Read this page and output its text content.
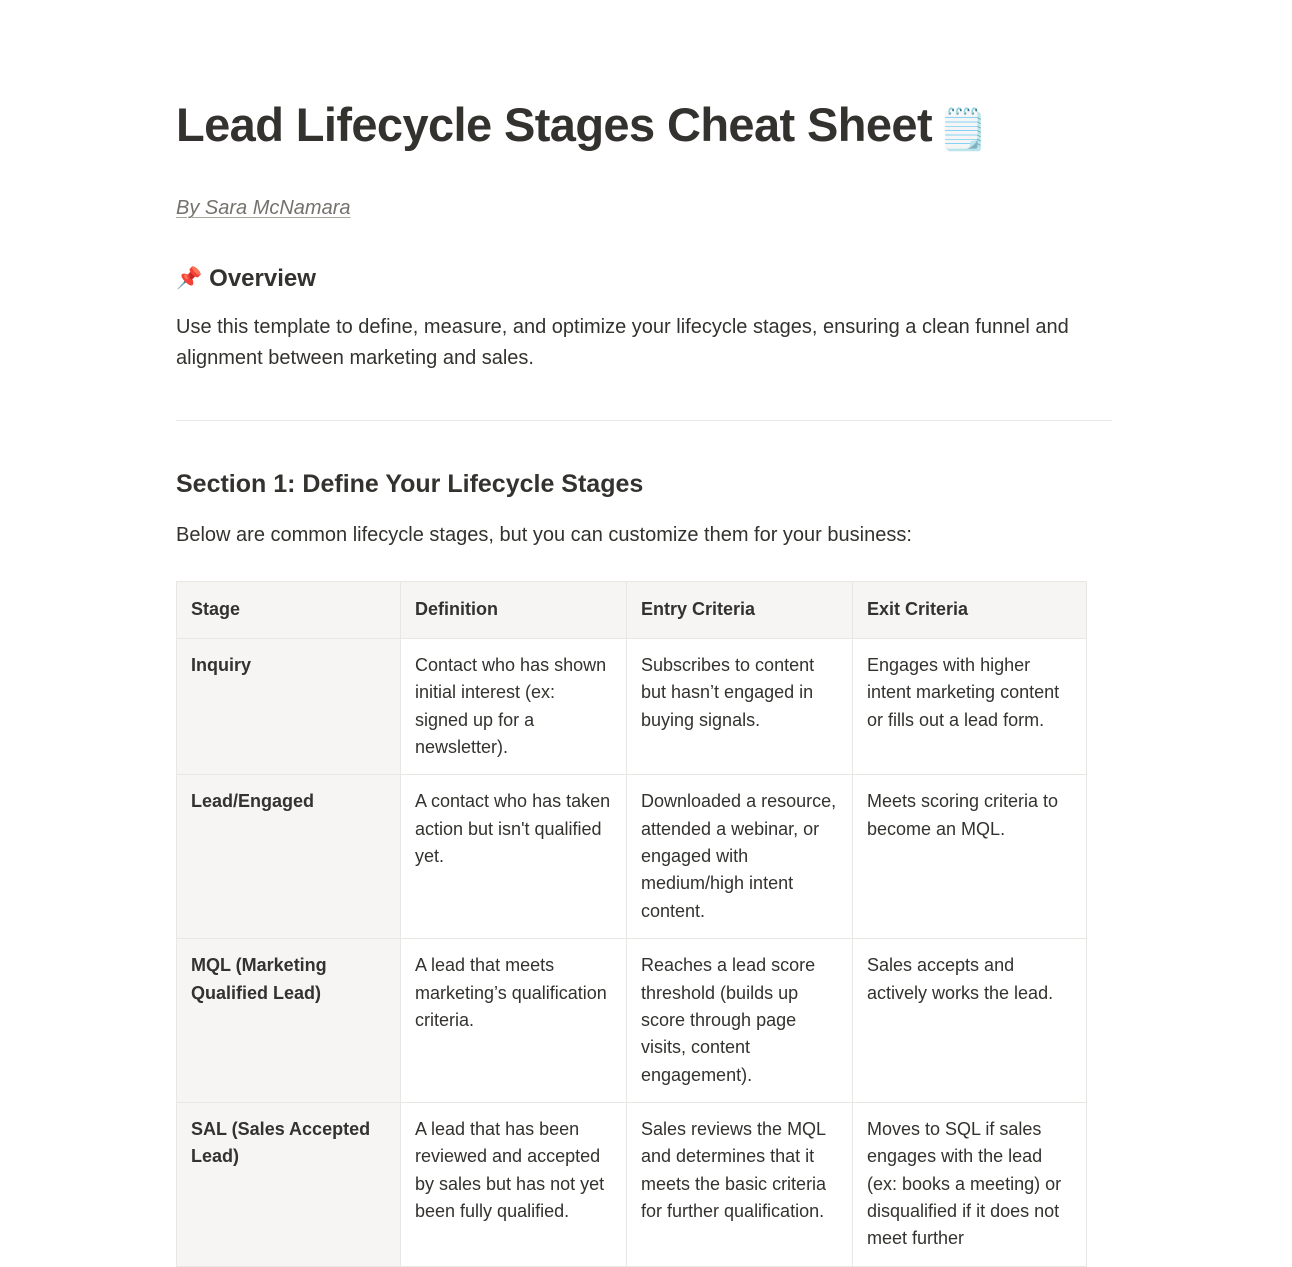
Lead Lifecycle Stages Cheat Sheet 🗒️

By Sara McNamara

📌 Overview

Use this template to define, measure, and optimize your lifecycle stages, ensuring a clean funnel and alignment between marketing and sales.

Section 1: Define Your Lifecycle Stages

Below are common lifecycle stages, but you can customize them for your business:

Stage	Definition	Entry Criteria	Exit Criteria
Inquiry	Contact who has shown initial interest (ex: signed up for a newsletter).	Subscribes to content but hasn’t engaged in buying signals.	Engages with higher intent marketing content or fills out a lead form.
Lead/Engaged	A contact who has taken action but isn't qualified yet.	Downloaded a resource, attended a webinar, or engaged with medium/high intent content.	Meets scoring criteria to become an MQL.
MQL (Marketing Qualified Lead)	A lead that meets marketing’s qualification criteria.	Reaches a lead score threshold (builds up score through page visits, content engagement).	Sales accepts and actively works the lead.
SAL (Sales Accepted Lead)	A lead that has been reviewed and accepted by sales but has not yet been fully qualified.	Sales reviews the MQL and determines that it meets the basic criteria for further qualification.	Moves to SQL if sales engages with the lead (ex: books a meeting) or disqualified if it does not meet further
